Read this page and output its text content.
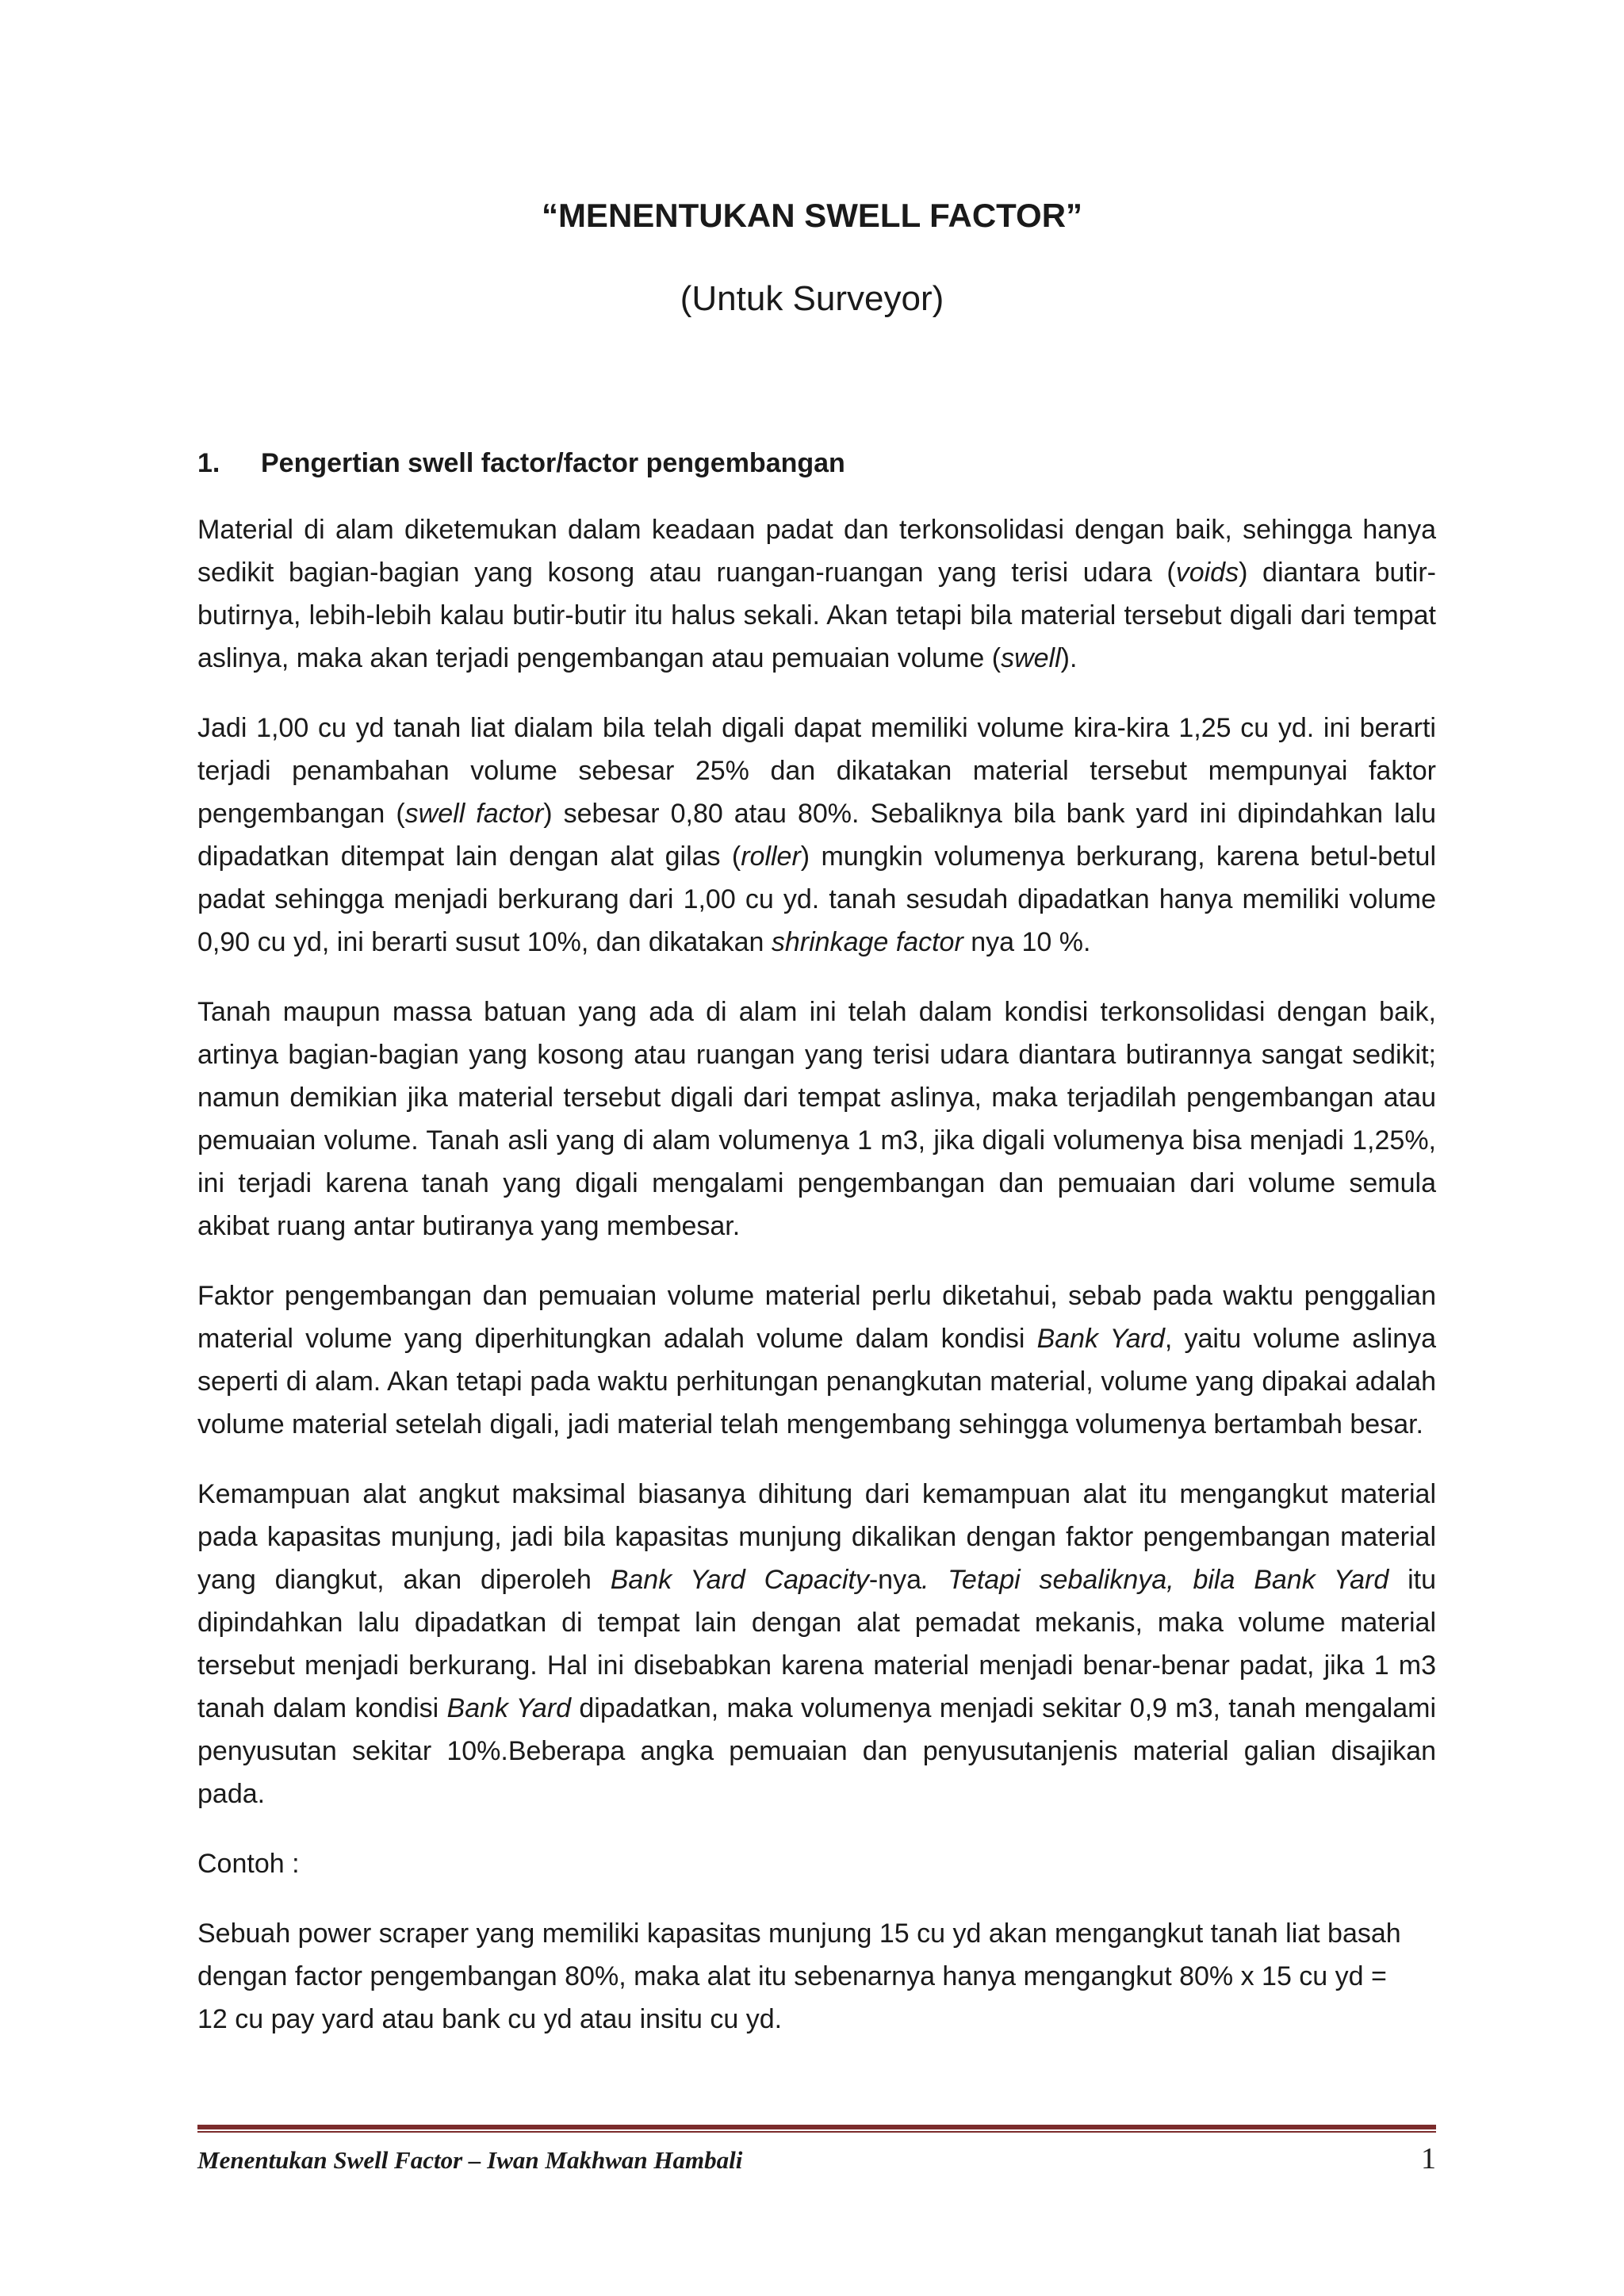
“MENENTUKAN SWELL FACTOR”
(Untuk Surveyor)
1. Pengertian swell factor/factor pengembangan

Material di alam diketemukan dalam keadaan padat dan terkonsolidasi dengan baik, sehingga hanya sedikit bagian-bagian yang kosong atau ruangan-ruangan yang terisi udara (voids) diantara butir-butirnya, lebih-lebih kalau butir-butir itu halus sekali. Akan tetapi bila material tersebut digali dari tempat aslinya, maka akan terjadi pengembangan atau pemuaian volume (swell).

Jadi 1,00 cu yd tanah liat dialam bila telah digali dapat memiliki volume kira-kira 1,25 cu yd. ini berarti terjadi penambahan volume sebesar 25% dan dikatakan material tersebut mempunyai faktor pengembangan (swell factor) sebesar 0,80 atau 80%. Sebaliknya bila bank yard ini dipindahkan lalu dipadatkan ditempat lain dengan alat gilas (roller) mungkin volumenya berkurang, karena betul-betul padat sehingga menjadi berkurang dari 1,00 cu yd. tanah sesudah dipadatkan hanya memiliki volume 0,90 cu yd, ini berarti susut 10%, dan dikatakan shrinkage factor nya 10 %.

Tanah maupun massa batuan yang ada di alam ini telah dalam kondisi terkonsolidasi dengan baik, artinya bagian-bagian yang kosong atau ruangan yang terisi udara diantara butirannya sangat sedikit; namun demikian jika material tersebut digali dari tempat aslinya, maka terjadilah pengembangan atau pemuaian volume. Tanah asli yang di alam volumenya 1 m3, jika digali volumenya bisa menjadi 1,25%, ini terjadi karena tanah yang digali mengalami pengembangan dan pemuaian dari volume semula akibat ruang antar butiranya yang membesar.

Faktor pengembangan dan pemuaian volume material perlu diketahui, sebab pada waktu penggalian material volume yang diperhitungkan adalah volume dalam kondisi Bank Yard, yaitu volume aslinya seperti di alam. Akan tetapi pada waktu perhitungan penangkutan material, volume yang dipakai adalah volume material setelah digali, jadi material telah mengembang sehingga volumenya bertambah besar.

Kemampuan alat angkut maksimal biasanya dihitung dari kemampuan alat itu mengangkut material pada kapasitas munjung, jadi bila kapasitas munjung dikalikan dengan faktor pengembangan material yang diangkut, akan diperoleh Bank Yard Capacity-nya. Tetapi sebaliknya, bila Bank Yard itu dipindahkan lalu dipadatkan di tempat lain dengan alat pemadat mekanis, maka volume material tersebut menjadi berkurang. Hal ini disebabkan karena material menjadi benar-benar padat, jika 1 m3 tanah dalam kondisi Bank Yard dipadatkan, maka volumenya menjadi sekitar 0,9 m3, tanah mengalami penyusutan sekitar 10%.Beberapa angka pemuaian dan penyusutanjenis material galian disajikan pada.

Contoh :

Sebuah power scraper yang memiliki kapasitas munjung 15 cu yd akan mengangkut tanah liat basah
dengan factor pengembangan 80%, maka alat itu sebenarnya hanya mengangkut 80% x 15 cu yd =
12 cu pay yard atau bank cu yd atau insitu cu yd.

Menentukan Swell Factor – Iwan Makhwan Hambali	1
